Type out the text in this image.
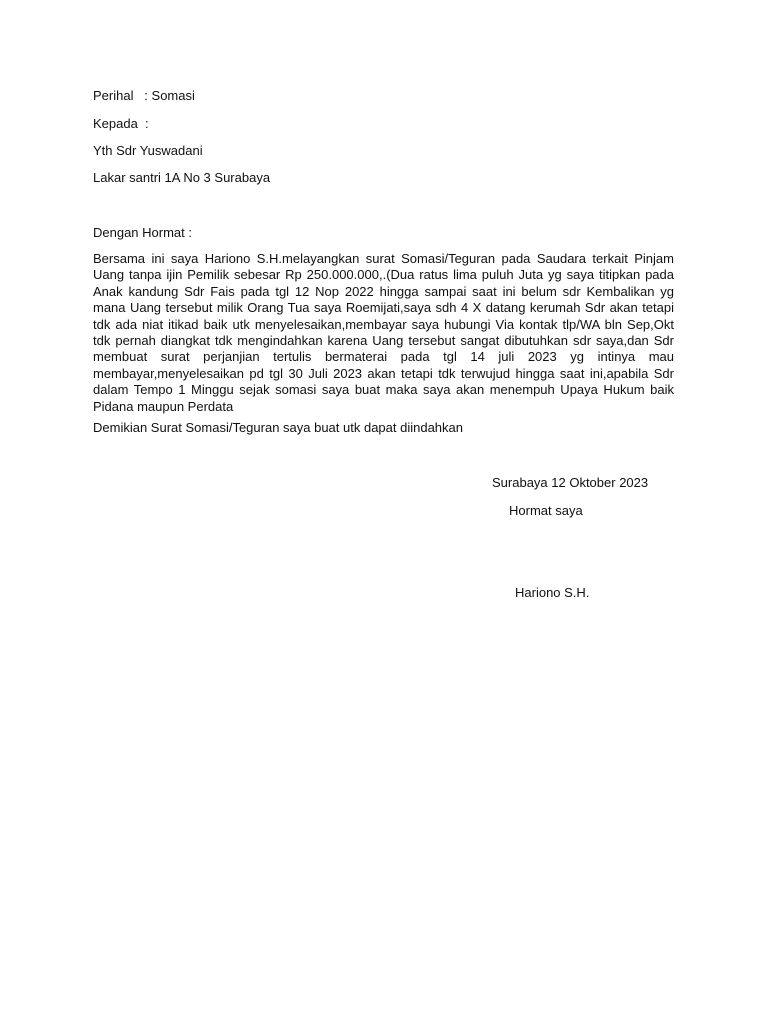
Perihal   : Somasi
Kepada  :
Yth Sdr Yuswadani
Lakar santri 1A No 3 Surabaya
Dengan Hormat :
Bersama ini saya Hariono S.H.melayangkan surat Somasi/Teguran pada Saudara terkait Pinjam Uang tanpa ijin Pemilik sebesar Rp 250.000.000,.(Dua ratus lima puluh Juta yg saya titipkan pada Anak kandung Sdr Fais pada tgl 12 Nop 2022 hingga sampai saat ini belum sdr Kembalikan yg mana Uang tersebut milik Orang Tua saya Roemijati,saya sdh 4 X datang kerumah Sdr akan tetapi tdk ada niat itikad baik utk menyelesaikan,membayar saya hubungi Via kontak tlp/WA bln Sep,Okt tdk pernah diangkat tdk mengindahkan karena Uang tersebut sangat dibutuhkan sdr saya,dan Sdr membuat surat perjanjian tertulis bermaterai pada tgl 14 juli 2023 yg intinya mau membayar,menyelesaikan pd tgl 30 Juli 2023 akan tetapi tdk terwujud hingga saat ini,apabila Sdr dalam Tempo 1 Minggu sejak somasi saya buat maka saya akan menempuh Upaya Hukum baik Pidana maupun Perdata
Demikian Surat Somasi/Teguran saya buat utk dapat diindahkan
Surabaya 12 Oktober 2023
Hormat saya
Hariono S.H.
